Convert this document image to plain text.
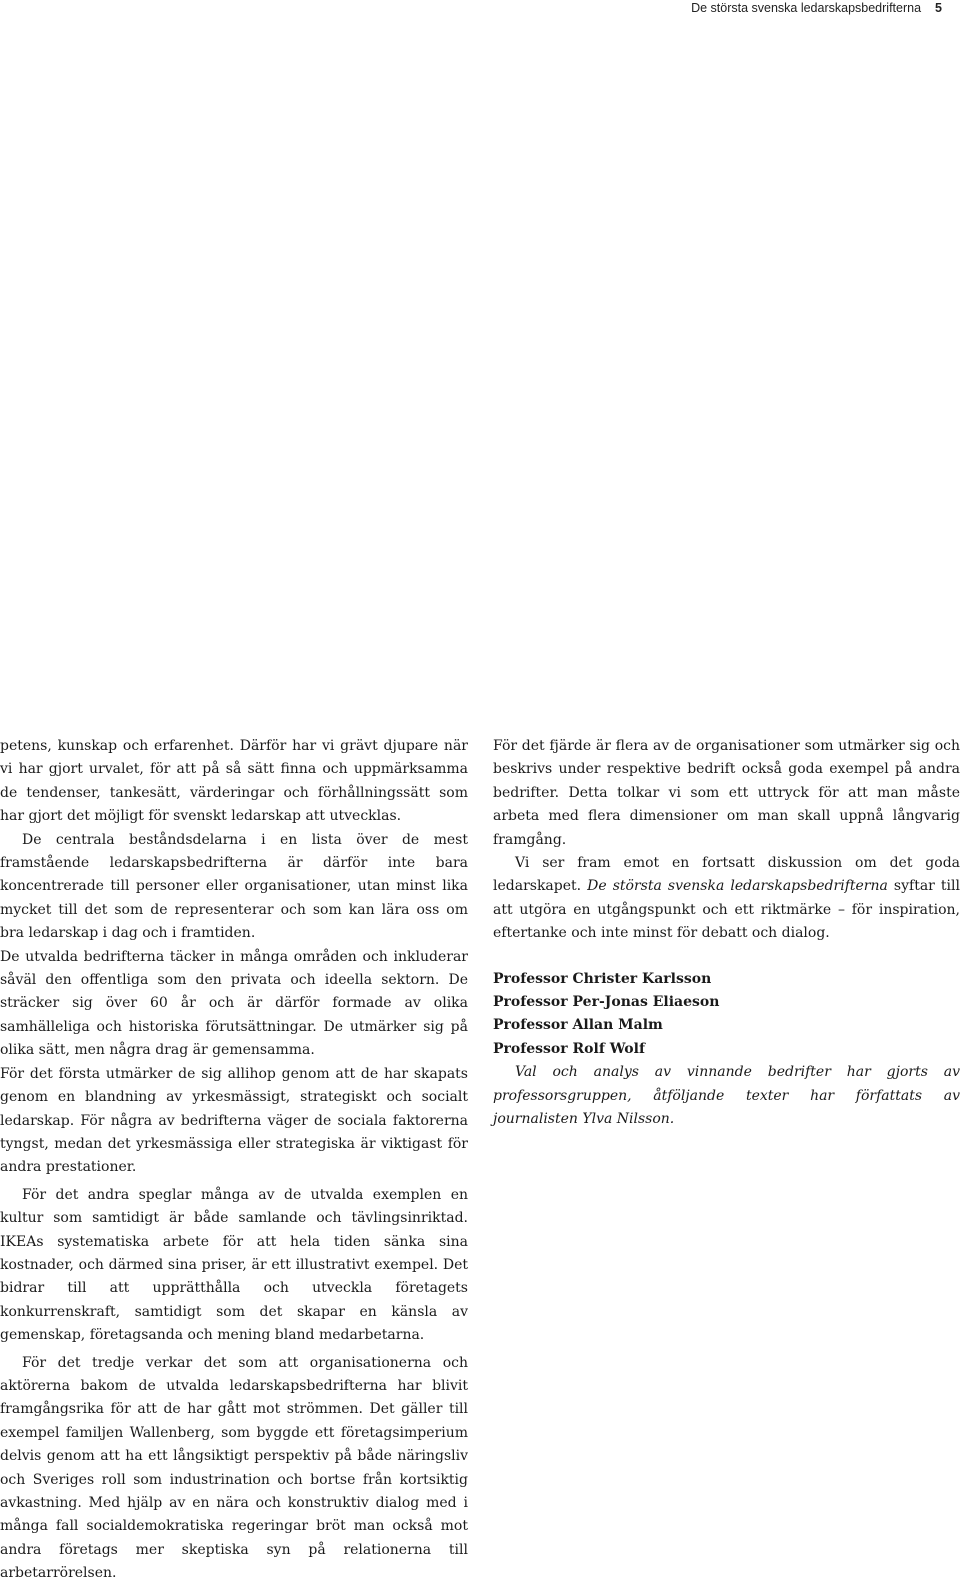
De största svenska ledarskapsbedrifterna 5

petens, kunskap och erfarenhet. Därför har vi grävt djupare när vi har gjort urvalet, för att på så sätt finna och uppmärksamma de tendenser, tankesätt, värderingar och förhållningssätt som har gjort det möjligt för svenskt ledarskap att utvecklas.

De centrala beståndsdelarna i en lista över de mest framstående ledarskapsbedrifterna är därför inte bara koncentrerade till personer eller organisationer, utan minst lika mycket till det som de representerar och som kan lära oss om bra ledarskap i dag och i framtiden.

De utvalda bedrifterna täcker in många områden och inkluderar såväl den offentliga som den privata och ideella sektorn. De sträcker sig över 60 år och är därför formade av olika samhälleliga och historiska förutsättningar. De utmärker sig på olika sätt, men några drag är gemensamma.

För det första utmärker de sig allihop genom att de har skapats genom en blandning av yrkesmässigt, strategiskt och socialt ledarskap. För några av bedrifterna väger de sociala faktorerna tyngst, medan det yrkesmässiga eller strategiska är viktigast för andra prestationer.

För det andra speglar många av de utvalda exemplen en kultur som samtidigt är både samlande och tävlingsinriktad. IKEAs systematiska arbete för att hela tiden sänka sina kostnader, och därmed sina priser, är ett illustrativt exempel. Det bidrar till att upprätthålla och utveckla företagets konkurrenskraft, samtidigt som det skapar en känsla av gemenskap, företagsanda och mening bland medarbetarna.

För det tredje verkar det som att organisationerna och aktörerna bakom de utvalda ledarskapsbedrifterna har blivit framgångsrika för att de har gått mot strömmen. Det gäller till exempel familjen Wallenberg, som byggde ett företagsimperium delvis genom att ha ett långsiktigt perspektiv på både näringsliv och Sveriges roll som industrination och bortse från kortsiktig avkastning. Med hjälp av en nära och konstruktiv dialog med i många fall socialdemokratiska regeringar bröt man också mot andra företags mer skeptiska syn på relationerna till arbetarrörelsen.

För det fjärde är flera av de organisationer som utmärker sig och beskrivs under respektive bedrift också goda exempel på andra bedrifter. Detta tolkar vi som ett uttryck för att man måste arbeta med flera dimensioner om man skall uppnå långvarig framgång.

Vi ser fram emot en fortsatt diskussion om det goda ledarskapet. De största svenska ledarskapsbedrifterna syftar till att utgöra en utgångspunkt och ett riktmärke – för inspiration, eftertanke och inte minst för debatt och dialog.

Professor Christer Karlsson
Professor Per-Jonas Eliaeson
Professor Allan Malm
Professor Rolf Wolf

Val och analys av vinnande bedrifter har gjorts av professorsgruppen, åtföljande texter har författats av journalisten Ylva Nilsson.
